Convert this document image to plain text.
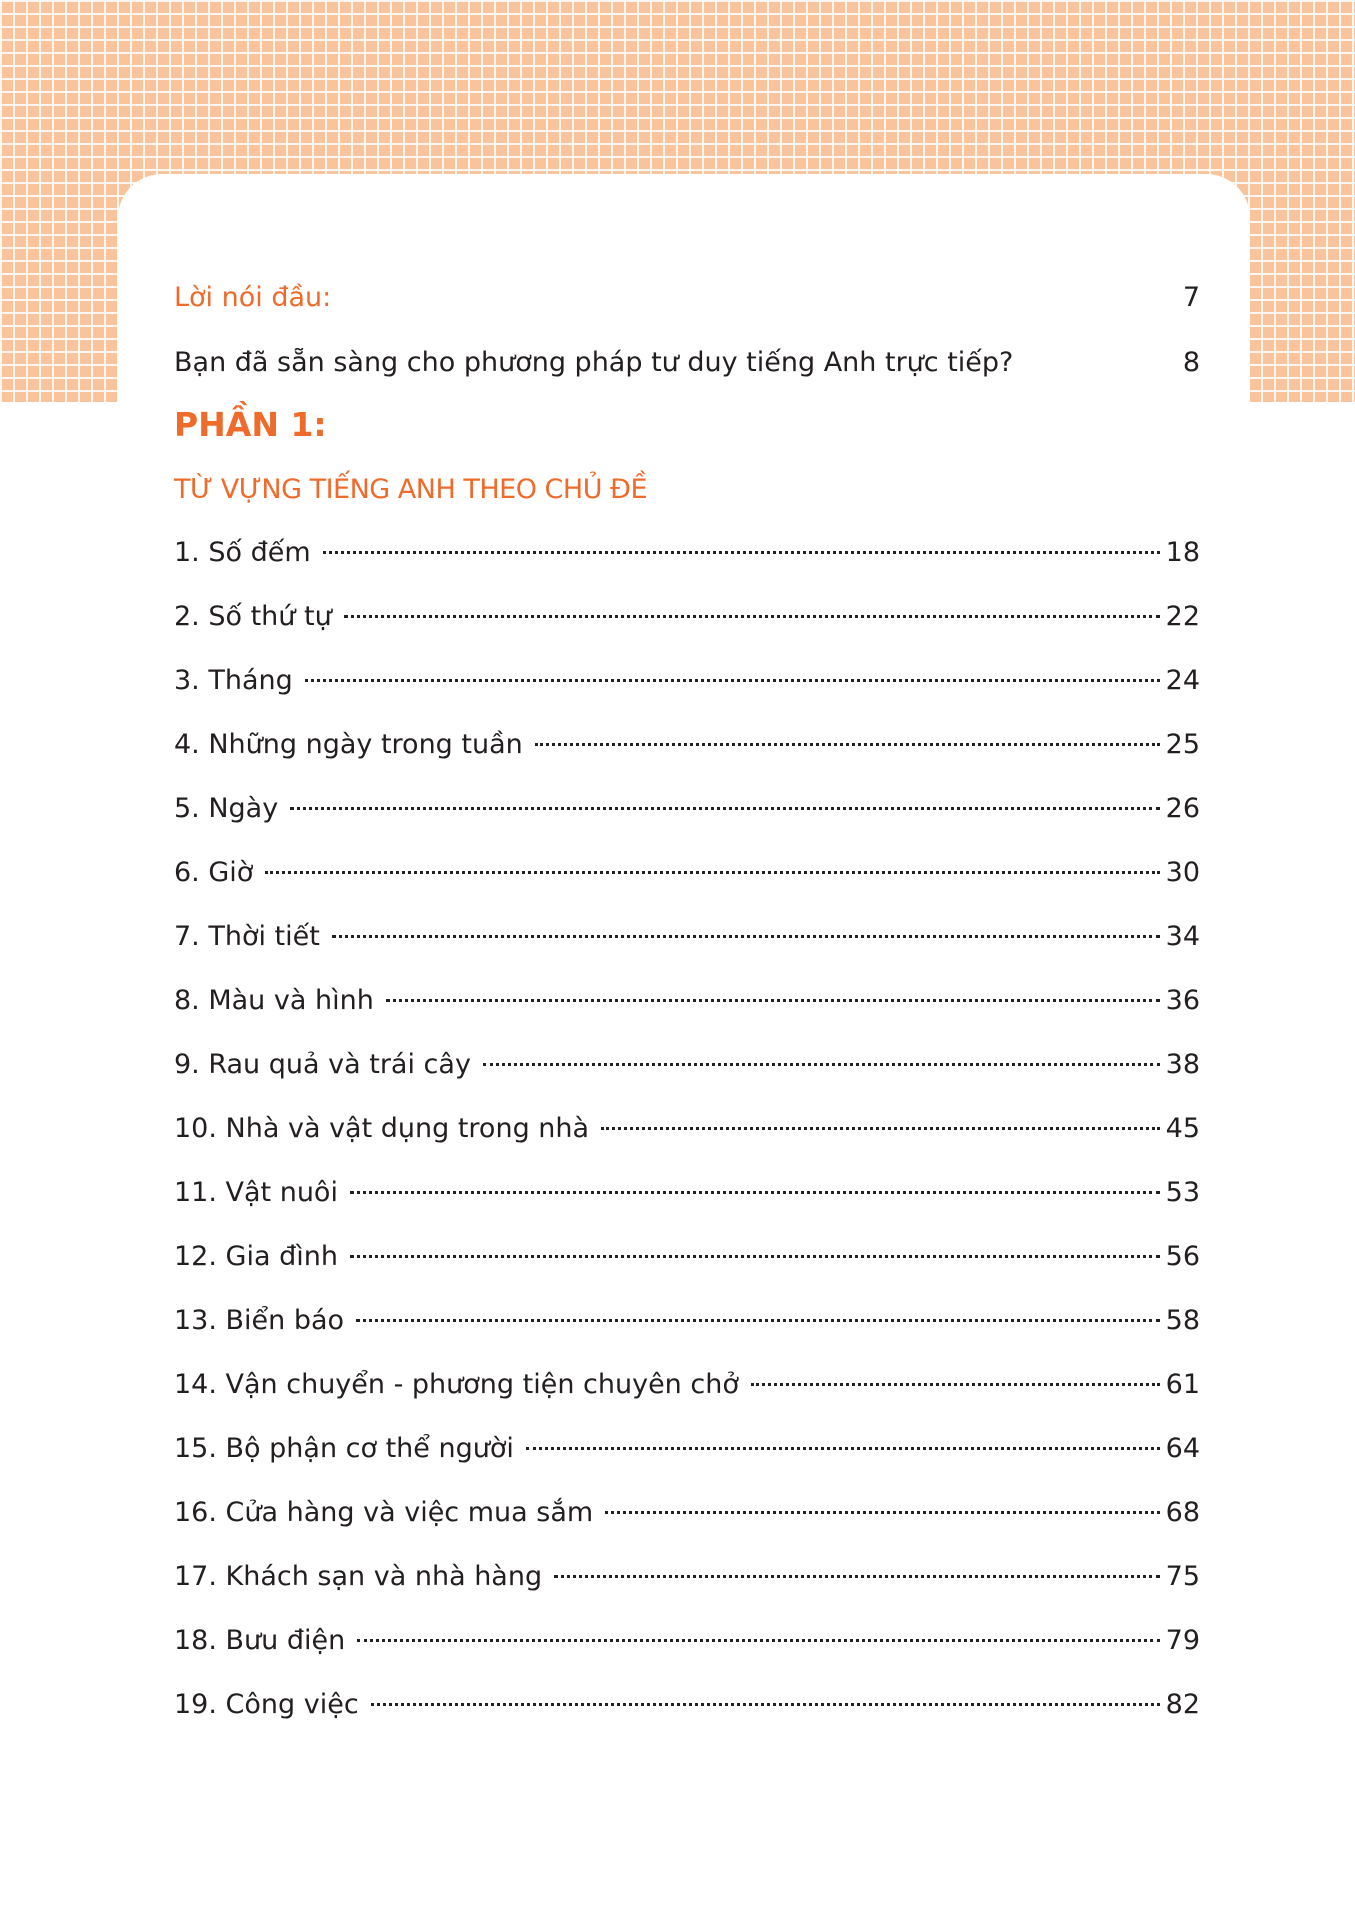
Lời nói đầu:	7
Bạn đã sẵn sàng cho phương pháp tư duy tiếng Anh trực tiếp?	8
PHẦN 1:
TỪ VỰNG TIẾNG ANH THEO CHỦ ĐỀ
1. Số đếm	18
2. Số thứ tự	22
3. Tháng	24
4. Những ngày trong tuần	25
5. Ngày	26
6. Giờ	30
7. Thời tiết	34
8. Màu và hình	36
9. Rau quả và trái cây	38
10. Nhà và vật dụng trong nhà	45
11. Vật nuôi	53
12. Gia đình	56
13. Biển báo	58
14. Vận chuyển - phương tiện chuyên chở	61
15. Bộ phận cơ thể người	64
16. Cửa hàng và việc mua sắm	68
17. Khách sạn và nhà hàng	75
18. Bưu điện	79
19. Công việc	82
